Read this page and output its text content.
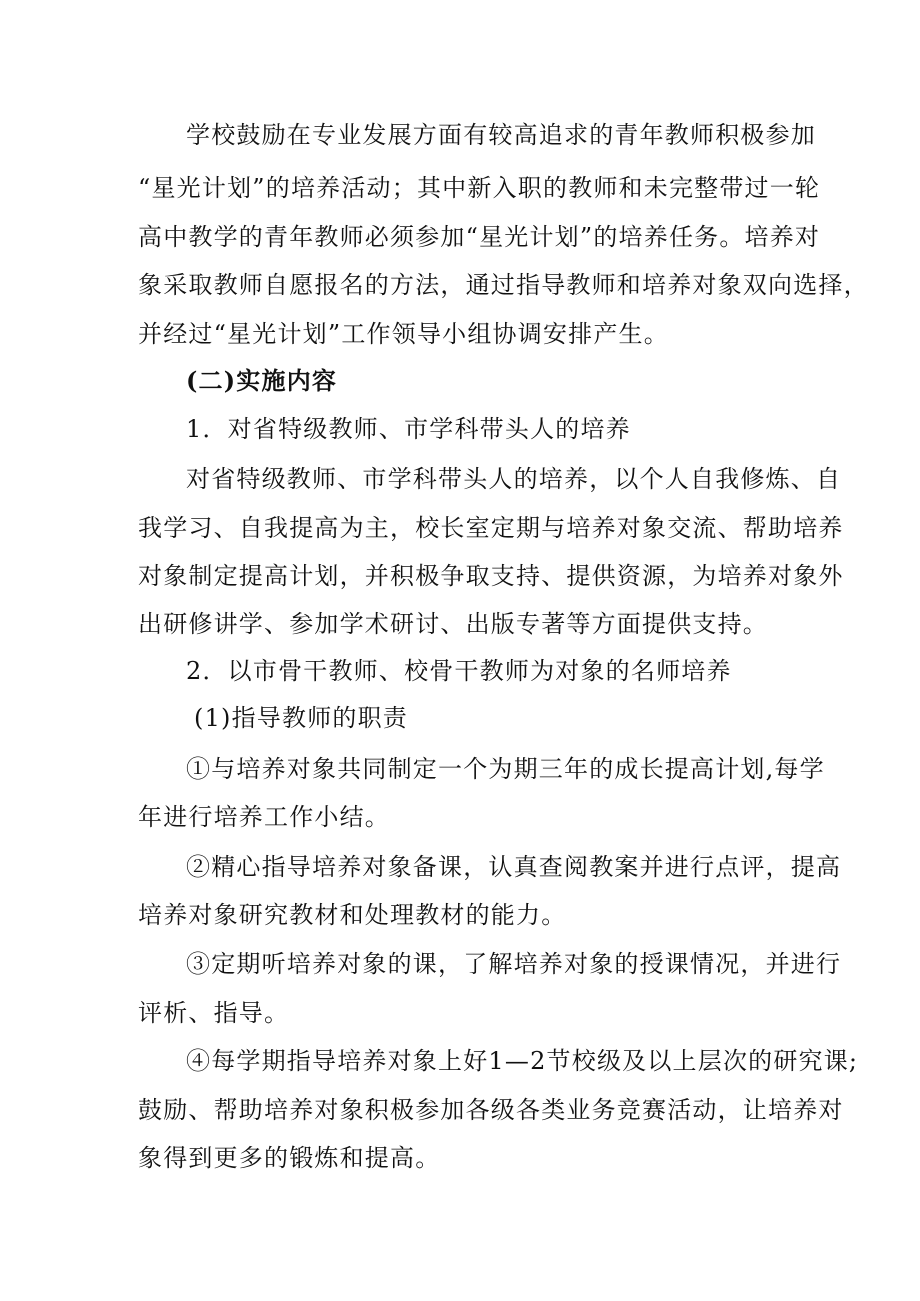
学校鼓励在专业发展方面有较高追求的青年教师积极参加

“星光计划”的培养活动；其中新入职的教师和未完整带过一轮

高中教学的青年教师必须参加“星光计划”的培养任务。培养对

象采取教师自愿报名的方法，通过指导教师和培养对象双向选择，

并经过“星光计划”工作领导小组协调安排产生。

(二)实施内容

1．对省特级教师、市学科带头人的培养

对省特级教师、市学科带头人的培养，以个人自我修炼、自

我学习、自我提高为主，校长室定期与培养对象交流、帮助培养

对象制定提高计划，并积极争取支持、提供资源，为培养对象外

出研修讲学、参加学术研讨、出版专著等方面提供支持。

2．以市骨干教师、校骨干教师为对象的名师培养

(1)指导教师的职责

①与培养对象共同制定一个为期三年的成长提高计划,每学

年进行培养工作小结。

②精心指导培养对象备课，认真查阅教案并进行点评，提高

培养对象研究教材和处理教材的能力。

③定期听培养对象的课，了解培养对象的授课情况，并进行

评析、指导。

④每学期指导培养对象上好1—2节校级及以上层次的研究课;

鼓励、帮助培养对象积极参加各级各类业务竞赛活动，让培养对

象得到更多的锻炼和提高。
